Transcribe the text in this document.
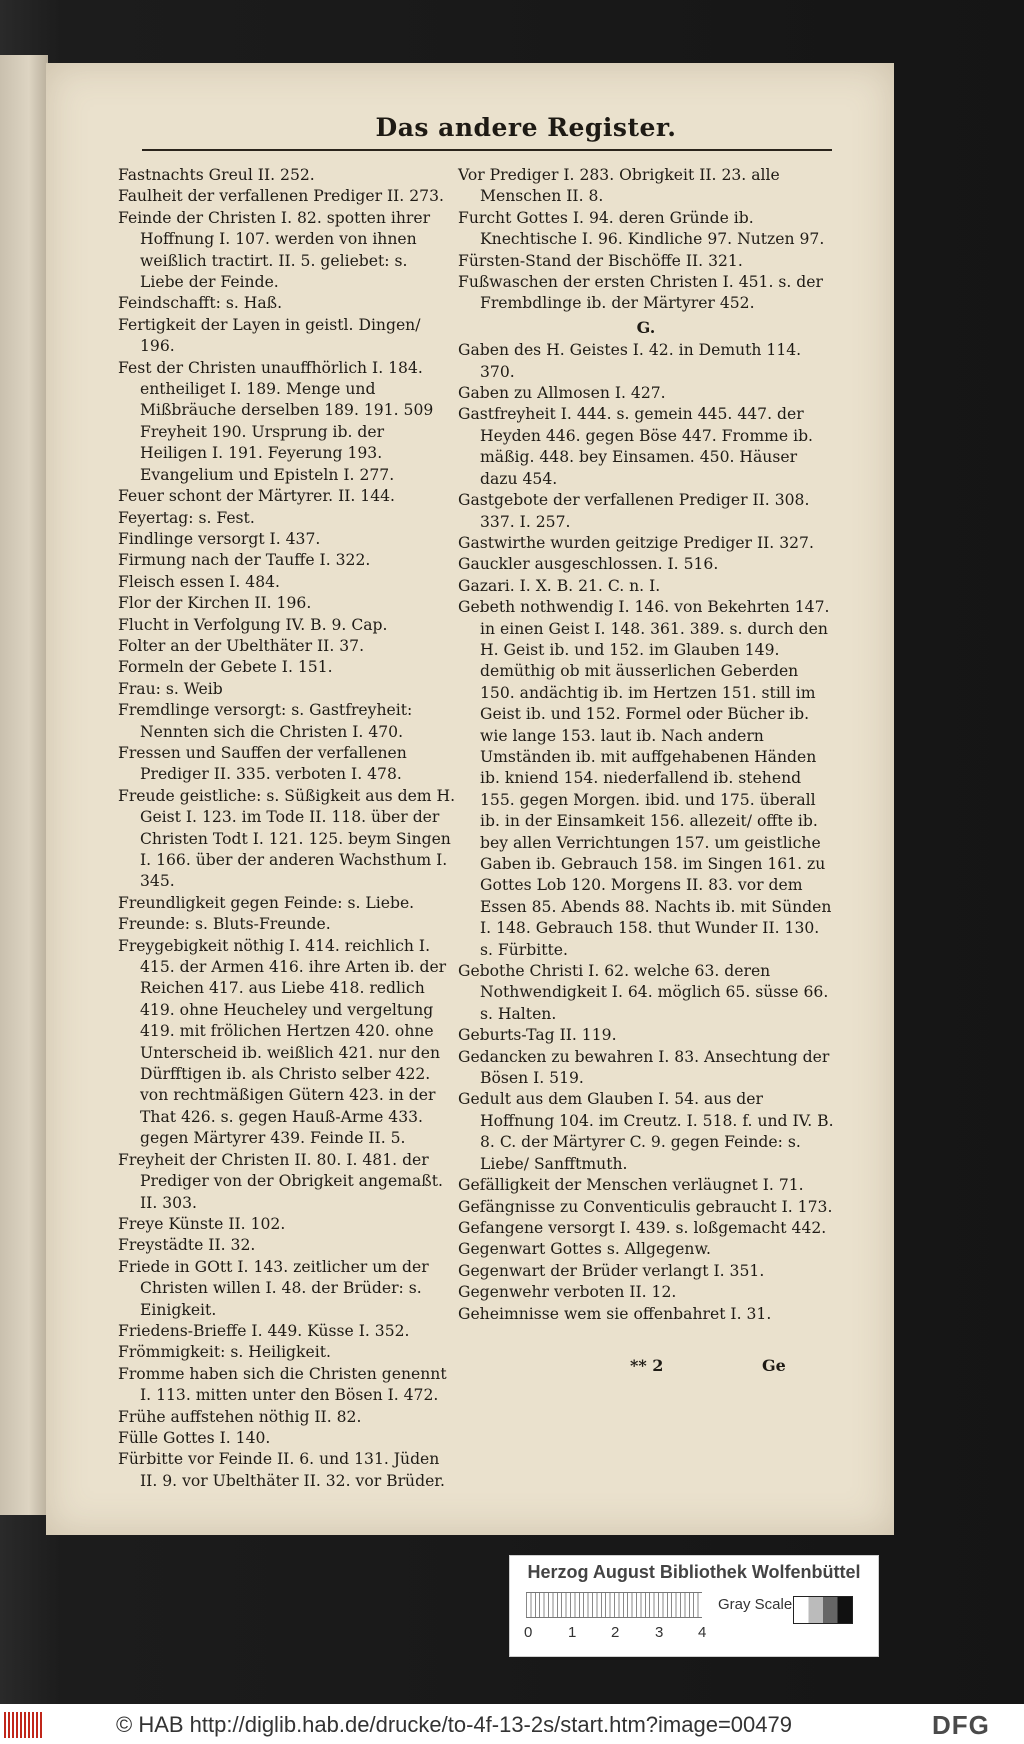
Das andere Register.

Fastnachts Greul II. 252.

Faulheit der verfallenen Prediger II. 273.

Feinde der Christen I. 82. spotten ihrer Hoffnung I. 107. werden von ihnen weißlich tractirt. II. 5. geliebet: s. Liebe der Feinde.

Feindschafft: s. Haß.

Fertigkeit der Layen in geistl. Dingen/ 196.

Fest der Christen unauffhörlich I. 184. entheiliget I. 189. Menge und Mißbräuche derselben 189. 191. 509 Freyheit 190. Ursprung ib. der Heiligen I. 191. Feyerung 193. Evangelium und Episteln I. 277.

Feuer schont der Märtyrer. II. 144.

Feyertag: s. Fest.

Findlinge versorgt I. 437.

Firmung nach der Tauffe I. 322.

Fleisch essen I. 484.

Flor der Kirchen II. 196.

Flucht in Verfolgung IV. B. 9. Cap.

Folter an der Ubelthäter II. 37.

Formeln der Gebete I. 151.

Frau: s. Weib

Fremdlinge versorgt: s. Gastfreyheit: Nennten sich die Christen I. 470.

Fressen und Sauffen der verfallenen Prediger II. 335. verboten I. 478.

Freude geistliche: s. Süßigkeit aus dem H. Geist I. 123. im Tode II. 118. über der Christen Todt I. 121. 125. beym Singen I. 166. über der anderen Wachsthum I. 345.

Freundligkeit gegen Feinde: s. Liebe.

Freunde: s. Bluts-Freunde.

Freygebigkeit nöthig I. 414. reichlich I. 415. der Armen 416. ihre Arten ib. der Reichen 417. aus Liebe 418. redlich 419. ohne Heucheley und vergeltung 419. mit frölichen Hertzen 420. ohne Unterscheid ib. weißlich 421. nur den Dürfftigen ib. als Christo selber 422. von rechtmäßigen Gütern 423. in der That 426. s. gegen Hauß-Arme 433. gegen Märtyrer 439. Feinde II. 5.

Freyheit der Christen II. 80. I. 481. der Prediger von der Obrigkeit angemaßt. II. 303.

Freye Künste II. 102.

Freystädte II. 32.

Friede in GOtt I. 143. zeitlicher um der Christen willen I. 48. der Brüder: s. Einigkeit.

Friedens-Brieffe I. 449. Küsse I. 352.

Frömmigkeit: s. Heiligkeit.

Fromme haben sich die Christen genennt I. 113. mitten unter den Bösen I. 472.

Frühe auffstehen nöthig II. 82.

Fülle Gottes I. 140.

Fürbitte vor Feinde II. 6. und 131. Jüden II. 9. vor Ubelthäter II. 32. vor Brüder.

Vor Prediger I. 283. Obrigkeit II. 23. alle Menschen II. 8.

Furcht Gottes I. 94. deren Gründe ib. Knechtische I. 96. Kindliche 97. Nutzen 97.

Fürsten-Stand der Bischöffe II. 321.

Fußwaschen der ersten Christen I. 451. s. der Frembdlinge ib. der Märtyrer 452.

G.

Gaben des H. Geistes I. 42. in Demuth 114. 370.

Gaben zu Allmosen I. 427.

Gastfreyheit I. 444. s. gemein 445. 447. der Heyden 446. gegen Böse 447. Fromme ib. mäßig. 448. bey Einsamen. 450. Häuser dazu 454.

Gastgebote der verfallenen Prediger II. 308. 337. I. 257.

Gastwirthe wurden geitzige Prediger II. 327.

Gauckler ausgeschlossen. I. 516.

Gazari. I. X. B. 21. C. n. I.

Gebeth nothwendig I. 146. von Bekehrten 147. in einen Geist I. 148. 361. 389. s. durch den H. Geist ib. und 152. im Glauben 149. demüthig ob mit äusserlichen Geberden 150. andächtig ib. im Hertzen 151. still im Geist ib. und 152. Formel oder Bücher ib. wie lange 153. laut ib. Nach andern Umständen ib. mit auffgehabenen Händen ib. kniend 154. niederfallend ib. stehend 155. gegen Morgen. ibid. und 175. überall ib. in der Einsamkeit 156. allezeit/ offte ib. bey allen Verrichtungen 157. um geistliche Gaben ib. Gebrauch 158. im Singen 161. zu Gottes Lob 120. Morgens II. 83. vor dem Essen 85. Abends 88. Nachts ib. mit Sünden I. 148. Gebrauch 158. thut Wunder II. 130. s. Fürbitte.

Gebothe Christi I. 62. welche 63. deren Nothwendigkeit I. 64. möglich 65. süsse 66. s. Halten.

Geburts-Tag II. 119.

Gedancken zu bewahren I. 83. Ansechtung der Bösen I. 519.

Gedult aus dem Glauben I. 54. aus der Hoffnung 104. im Creutz. I. 518. f. und IV. B. 8. C. der Märtyrer C. 9. gegen Feinde: s. Liebe/ Sanfftmuth.

Gefälligkeit der Menschen verläugnet I. 71.

Gefängnisse zu Conventiculis gebraucht I. 173.

Gefangene versorgt I. 439. s. loßgemacht 442.

Gegenwart Gottes s. Allgegenw.

Gegenwart der Brüder verlangt I. 351.

Gegenwehr verboten II. 12.

Geheimnisse wem sie offenbahret I. 31.

** 2	Ge
Herzog August Bibliothek Wolfenbüttel
0 1 2 3 4
Gray Scale
© HAB http://diglib.hab.de/drucke/to-4f-13-2s/start.htm?image=00479	DFG
